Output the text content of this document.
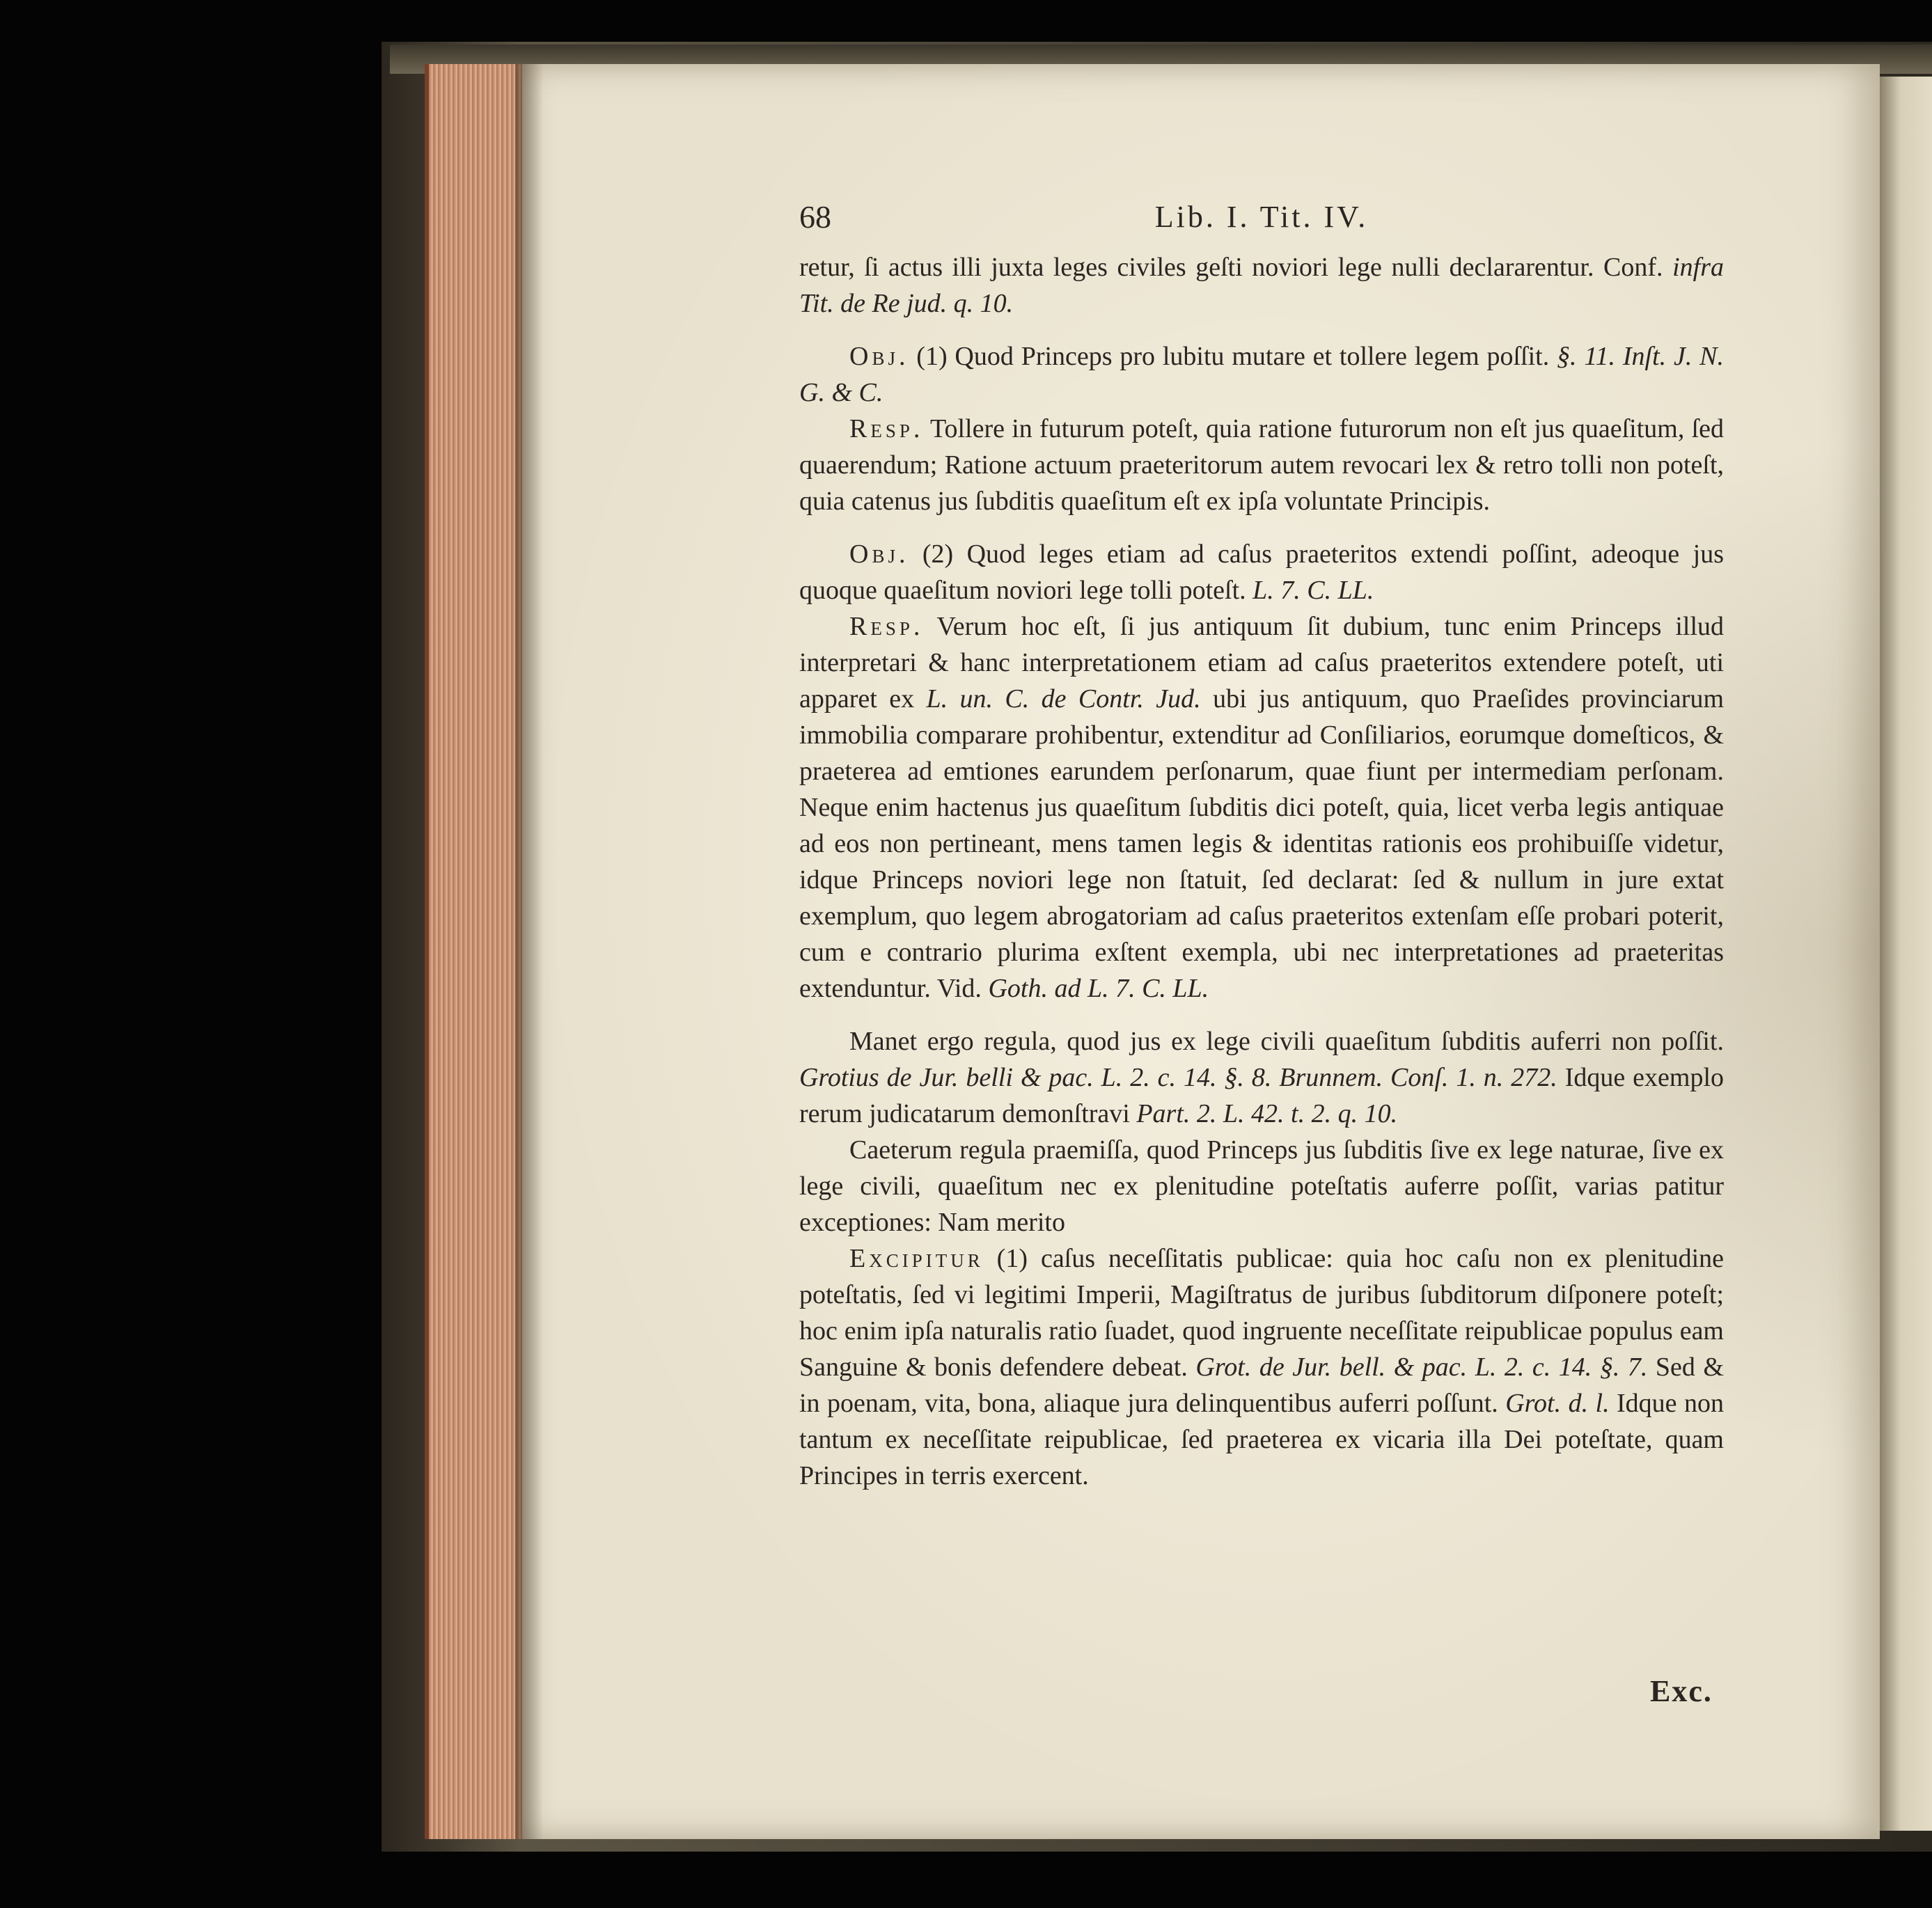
68	Lib. I. Tit. IV.

retur, ſi actus illi juxta leges civiles geſti noviori lege nulli declararentur. Conf. infra Tit. de Re jud. q. 10.

Obj. (1) Quod Princeps pro lubitu mutare et tollere legem poſſit. §. 11. Inſt. J. N. G. & C.

Resp. Tollere in futurum poteſt, quia ratione futurorum non eſt jus quaeſitum, ſed quaerendum; Ratione actuum praeteritorum autem revocari lex & retro tolli non poteſt, quia catenus jus ſubditis quaeſitum eſt ex ipſa voluntate Principis.

Obj. (2) Quod leges etiam ad caſus praeteritos extendi poſſint, adeoque jus quoque quaeſitum noviori lege tolli poteſt. L. 7. C. LL.

Resp. Verum hoc eſt, ſi jus antiquum ſit dubium, tunc enim Princeps illud interpretari & hanc interpretationem etiam ad caſus praeteritos extendere poteſt, uti apparet ex L. un. C. de Contr. Jud. ubi jus antiquum, quo Praeſides provinciarum immobilia comparare prohibentur, extenditur ad Conſiliarios, eorumque domeſticos, & praeterea ad emtiones earundem perſonarum, quae fiunt per intermediam perſonam. Neque enim hactenus jus quaeſitum ſubditis dici poteſt, quia, licet verba legis antiquae ad eos non pertineant, mens tamen legis & identitas rationis eos prohibuiſſe videtur, idque Princeps noviori lege non ſtatuit, ſed declarat: ſed & nullum in jure extat exemplum, quo legem abrogatoriam ad caſus praeteritos extenſam eſſe probari poterit, cum e contrario plurima exſtent exempla, ubi nec interpretationes ad praeteritas extenduntur. Vid. Goth. ad L. 7. C. LL.

Manet ergo regula, quod jus ex lege civili quaeſitum ſubditis auferri non poſſit. Grotius de Jur. belli & pac. L. 2. c. 14. §. 8. Brunnem. Conſ. 1. n. 272. Idque exemplo rerum judicatarum demonſtravi Part. 2. L. 42. t. 2. q. 10.

Caeterum regula praemiſſa, quod Princeps jus ſubditis ſive ex lege naturae, ſive ex lege civili, quaeſitum nec ex plenitudine poteſtatis auferre poſſit, varias patitur exceptiones: Nam merito

Excipitur (1) caſus neceſſitatis publicae: quia hoc caſu non ex plenitudine poteſtatis, ſed vi legitimi Imperii, Magiſtratus de juribus ſubditorum diſponere poteſt; hoc enim ipſa naturalis ratio ſuadet, quod ingruente neceſſitate reipublicae populus eam Sanguine & bonis defendere debeat. Grot. de Jur. bell. & pac. L. 2. c. 14. §. 7. Sed & in poenam, vita, bona, aliaque jura delinquentibus auferri poſſunt. Grot. d. l. Idque non tantum ex neceſſitate reipublicae, ſed praeterea ex vicaria illa Dei poteſtate, quam Principes in terris exercent.

Exc.
